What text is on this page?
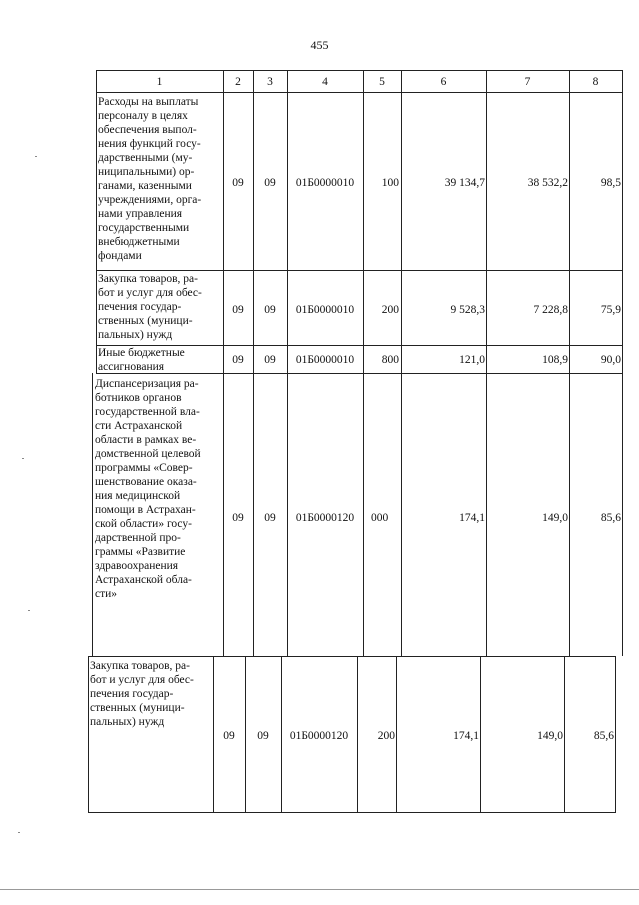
455
1	2	3	4	5	6	7	8
Расходы на выплаты
персоналу в целях
обеспечения выпол-
нения функций госу-
дарственными (му-
ниципальными) ор-
ганами, казенными
учреждениями, орга-
нами управления
государственными
внебюджетными
фондами
09	09	01Б0000010	100	39 134,7	38 532,2	98,5
Закупка товаров, ра-
бот и услуг для обес-
печения государ-
ственных (муници-
пальных) нужд
09	09	01Б0000010	200	9 528,3	7 228,8	75,9
Иные бюджетные
ассигнования
09	09	01Б0000010	800	121,0	108,9	90,0
Диспансеризация ра-
ботников органов
государственной вла-
сти Астраханской
области в рамках ве-
домственной целевой
программы «Совер-
шенствование оказа-
ния медицинской
помощи в Астрахан-
ской области» госу-
дарственной про-
граммы «Развитие
здравоохранения
Астраханской обла-
сти»
09	09	01Б0000120	000	174,1	149,0	85,6
Закупка товаров, ра-
бот и услуг для обес-
печения государ-
ственных (муници-
пальных) нужд
09	09	01Б0000120	200	174,1	149,0	85,6
